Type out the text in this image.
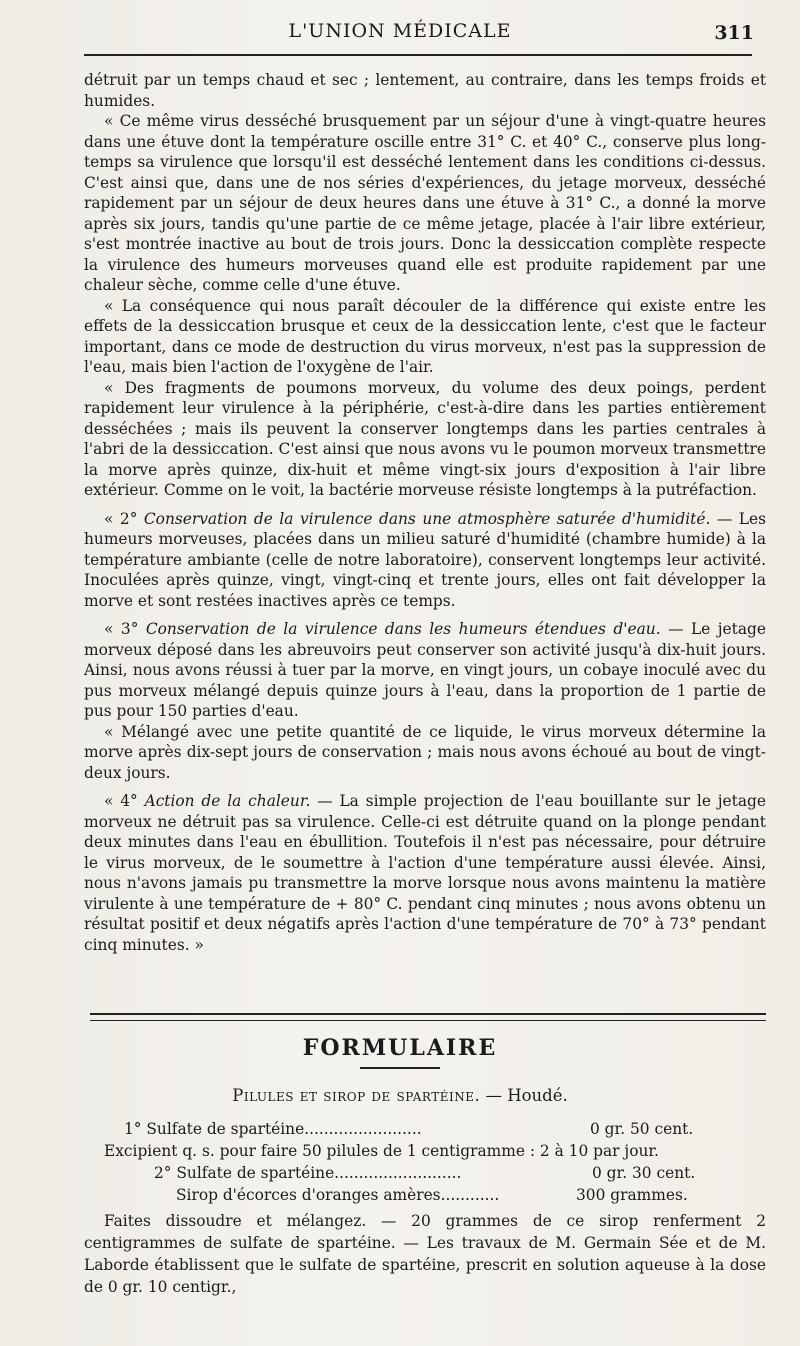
L'UNION MÉDICALE	311

détruit par un temps chaud et sec ; lentement, au contraire, dans les temps froids et humides.

« Ce même virus desséché brusquement par un séjour d'une à vingt-quatre heures dans une étuve dont la température oscille entre 31° C. et 40° C., conserve plus long-temps sa virulence que lorsqu'il est desséché lentement dans les conditions ci-dessus. C'est ainsi que, dans une de nos séries d'expériences, du jetage morveux, desséché rapidement par un séjour de deux heures dans une étuve à 31° C., a donné la morve après six jours, tandis qu'une partie de ce même jetage, placée à l'air libre extérieur, s'est montrée inactive au bout de trois jours. Donc la dessiccation complète respecte la virulence des humeurs morveuses quand elle est produite rapidement par une chaleur sèche, comme celle d'une étuve.

« La conséquence qui nous paraît découler de la différence qui existe entre les effets de la dessiccation brusque et ceux de la dessiccation lente, c'est que le facteur important, dans ce mode de destruction du virus morveux, n'est pas la suppression de l'eau, mais bien l'action de l'oxygène de l'air.

« Des fragments de poumons morveux, du volume des deux poings, perdent rapidement leur virulence à la périphérie, c'est-à-dire dans les parties entièrement desséchées ; mais ils peuvent la conserver longtemps dans les parties centrales à l'abri de la dessiccation. C'est ainsi que nous avons vu le poumon morveux transmettre la morve après quinze, dix-huit et même vingt-six jours d'exposition à l'air libre extérieur. Comme on le voit, la bactérie morveuse résiste longtemps à la putréfaction.

« 2° Conservation de la virulence dans une atmosphère saturée d'humidité. — Les humeurs morveuses, placées dans un milieu saturé d'humidité (chambre humide) à la température ambiante (celle de notre laboratoire), conservent longtemps leur activité. Inoculées après quinze, vingt, vingt-cinq et trente jours, elles ont fait développer la morve et sont restées inactives après ce temps.

« 3° Conservation de la virulence dans les humeurs étendues d'eau. — Le jetage morveux déposé dans les abreuvoirs peut conserver son activité jusqu'à dix-huit jours. Ainsi, nous avons réussi à tuer par la morve, en vingt jours, un cobaye inoculé avec du pus morveux mélangé depuis quinze jours à l'eau, dans la proportion de 1 partie de pus pour 150 parties d'eau.

« Mélangé avec une petite quantité de ce liquide, le virus morveux détermine la morve après dix-sept jours de conservation ; mais nous avons échoué au bout de vingt-deux jours.

« 4° Action de la chaleur. — La simple projection de l'eau bouillante sur le jetage morveux ne détruit pas sa virulence. Celle-ci est détruite quand on la plonge pendant deux minutes dans l'eau en ébullition. Toutefois il n'est pas nécessaire, pour détruire le virus morveux, de le soumettre à l'action d'une température aussi élevée. Ainsi, nous n'avons jamais pu transmettre la morve lorsque nous avons maintenu la matière virulente à une température de + 80° C. pendant cinq minutes ; nous avons obtenu un résultat positif et deux négatifs après l'action d'une température de 70° à 73° pendant cinq minutes. »

FORMULAIRE
Pilules et sirop de spartéine. — Houdé.
1° Sulfate de spartéine........................	0 gr. 50 cent.
Excipient q. s. pour faire 50 pilules de 1 centigramme : 2 à 10 par jour.
2° Sulfate de spartéine..........................	0 gr. 30 cent.
Sirop d'écorces d'oranges amères............	300 grammes.

Faites dissoudre et mélangez. — 20 grammes de ce sirop renferment 2 centigrammes de sulfate de spartéine. — Les travaux de M. Germain Sée et de M. Laborde établissent que le sulfate de spartéine, prescrit en solution aqueuse à la dose de 0 gr. 10 centigr.,
